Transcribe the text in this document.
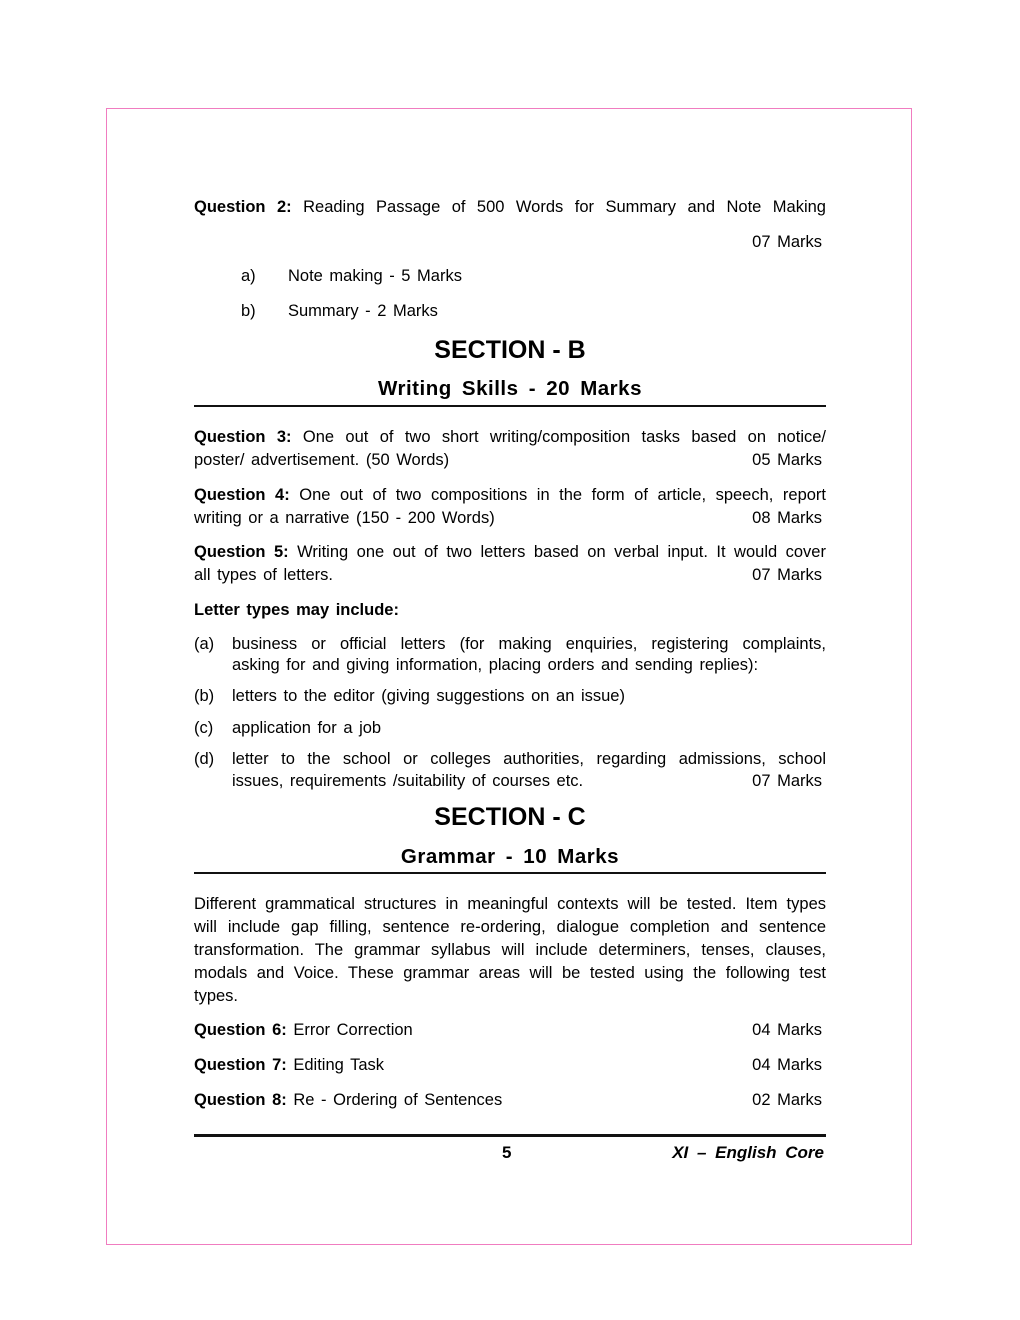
Question 2: Reading Passage of 500 Words for Summary and Note Making
07 Marks
a) Note making - 5 Marks
b) Summary - 2 Marks
SECTION - B
Writing Skills - 20 Marks
Question 3: One out of two short writing/composition tasks based on notice/
poster/ advertisement. (50 Words)	05 Marks
Question 4: One out of two compositions in the form of article, speech, report
writing or a narrative (150 - 200 Words)	08 Marks
Question 5: Writing one out of two letters based on verbal input. It would cover
all types of letters.	07 Marks
Letter types may include:
(a) business or official letters (for making enquiries, registering complaints,
asking for and giving information, placing orders and sending replies):
(b) letters to the editor (giving suggestions on an issue)
(c) application for a job
(d) letter to the school or colleges authorities, regarding admissions, school
issues, requirements /suitability of courses etc.	07 Marks
SECTION - C
Grammar - 10 Marks
Different grammatical structures in meaningful contexts will be tested. Item types
will include gap filling, sentence re-ordering, dialogue completion and sentence
transformation. The grammar syllabus will include determiners, tenses, clauses,
modals and Voice. These grammar areas will be tested using the following test
types.
Question 6: Error Correction	04 Marks
Question 7: Editing Task	04 Marks
Question 8: Re - Ordering of Sentences	02 Marks
5	XI – English Core
